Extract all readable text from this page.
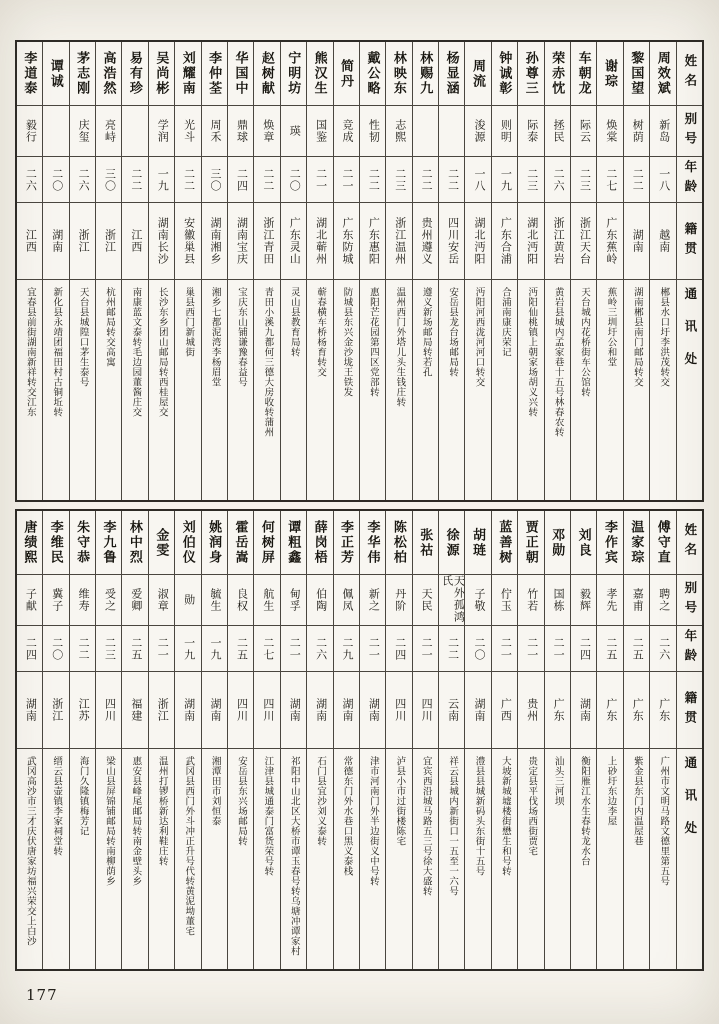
姓名
别号
年龄
籍贯
通讯处
周效斌
新岛
一八
越南
郴县水口圩李洪茂转交
黎国望
树荫
二二
湖南
湖南郴县南门邮局转交
谢琮
焕棠
二七
广东蕉岭
蕉岭三圳圩公和堂
车朝龙
际云
二三
浙江天台
天台城内花桥街车公馆转
荣赤忱
拯民
二六
浙江黄岩
黄岩县城内孟家巷十五号林春农转
孙尊三
际泰
二三
湖北沔阳
沔阳仙桃镇上朝家场胡义兴转
钟诚彰
则明
一九
广东合浦
合浦南康庆荣记
周流
浚源
一八
湖北沔阳
沔阳河西泷河河口转交
杨显涵
二二
四川安岳
安岳县龙台场邮局转
林赐九
二二
贵州遵义
遵义新场邮局转若孔
林映东
志熙
二三
浙江温州
温州西门外塔儿头生钱庄转
戴公略
性韧
二二
广东惠阳
惠阳芒花园第四区党部转
简丹
竞成
二一
广东防城
防城县东兴金沙垅王铁发
熊汉生
国鉴
二一
湖北蕲州
蕲春横车桥杨育转交
宁明坊
瑛
二〇
广东灵山
灵山县教育局转
赵树献
焕章
二二
浙江青田
青田小溪九都何三德大房收转蒲州
华国中
鼎球
二四
湖南宝庆
宝庆东山铺谦豫春益号
李仲荃
周禾
三〇
湖南湘乡
湘乡七都泥湾李杨眉堂
刘耀南
光斗
二二
安徽巢县
巢县西门新城街
吴尚彬
学润
一九
湖南长沙
长沙东乡团山邮局转西桂屋交
易有珍
二二
江西
南康蓝文泰转毛边园董酱庄交
高浩然
亮峙
三〇
浙江
杭州邮局转交高寓
茅志刚
庆玺
二六
浙江
天台县城隍口茅生泰号
谭诚
二〇
湖南
新化县永靖团福田村古铜坵转
李道泰
毅行
二六
江西
宜春县前街湖南新祥转交江东
姓名
别号
年龄
籍贯
通讯处
傅守直
聘之
二六
广东
广州市文明马路文德里第五号
温家琮
嘉甫
二五
广东
紫金县东门内温屋巷
李作宾
孝先
二五
广东
上砂圩东边李屋
刘良
毅辉
二四
湖南
衡阳雁江水生春转龙水台
邓勋
国栋
二一
广东
汕头三河坝
贾正朝
竹若
二一
贵州
贵定县平伐场西街贾宅
蓝善树
佇玉
二一
广西
大坡新城墟楼街懋生和号转
胡琏
子敬
二〇
湖南
澧县县城新码头东街十五号
徐源
天外孤鸿氏
二二
云南
祥云县城内新街口一五至一六号
张祜
天民
二一
四川
宜宾西沿城马路五三号徐大盛转
陈松柏
丹阶
二四
四川
泸县小市过街楼陈宅
李华伟
新之
二一
湖南
津市河南门外半边街义中号转
李正芳
佩凤
二九
湖南
常德东门外水巷口黑义泰栈
薛岗梧
伯陶
二六
湖南
石门县宜沙刘义泰转
谭粗鑫
甸孚
二一
湖南
祁阳中山北区大桥市谭玉春号转乌塘冲谭家村
何树屏
航生
二七
四川
江津县城通泰门富货荣号转
霍岳嵩
良权
二五
四川
安岳县东兴场邮局转
姚润身
毓生
一九
湖南
湘潭田市刘恒泰
刘伯仪
勋
一九
湖南
武冈县西门外斗冲正升号代转黄泥坳董宅
金雯
淑章
二一
浙江
温州打锣桥新达利鞋庄转
林中烈
爱卿
二五
福建
惠安县峰尾邮局转南金壁头乡
李九鲁
受之
二三
四川
梁山县屏锦铺邮局转南柳荫乡
朱守恭
维寿
二二
江苏
海门久隆镇梅芳记
李维民
冀子
二〇
浙江
缙云县壶镇李家祠堂转
唐绩熙
子献
二四
湖南
武冈高沙市三才庆伏唐家坊福兴荣交上白沙
177
